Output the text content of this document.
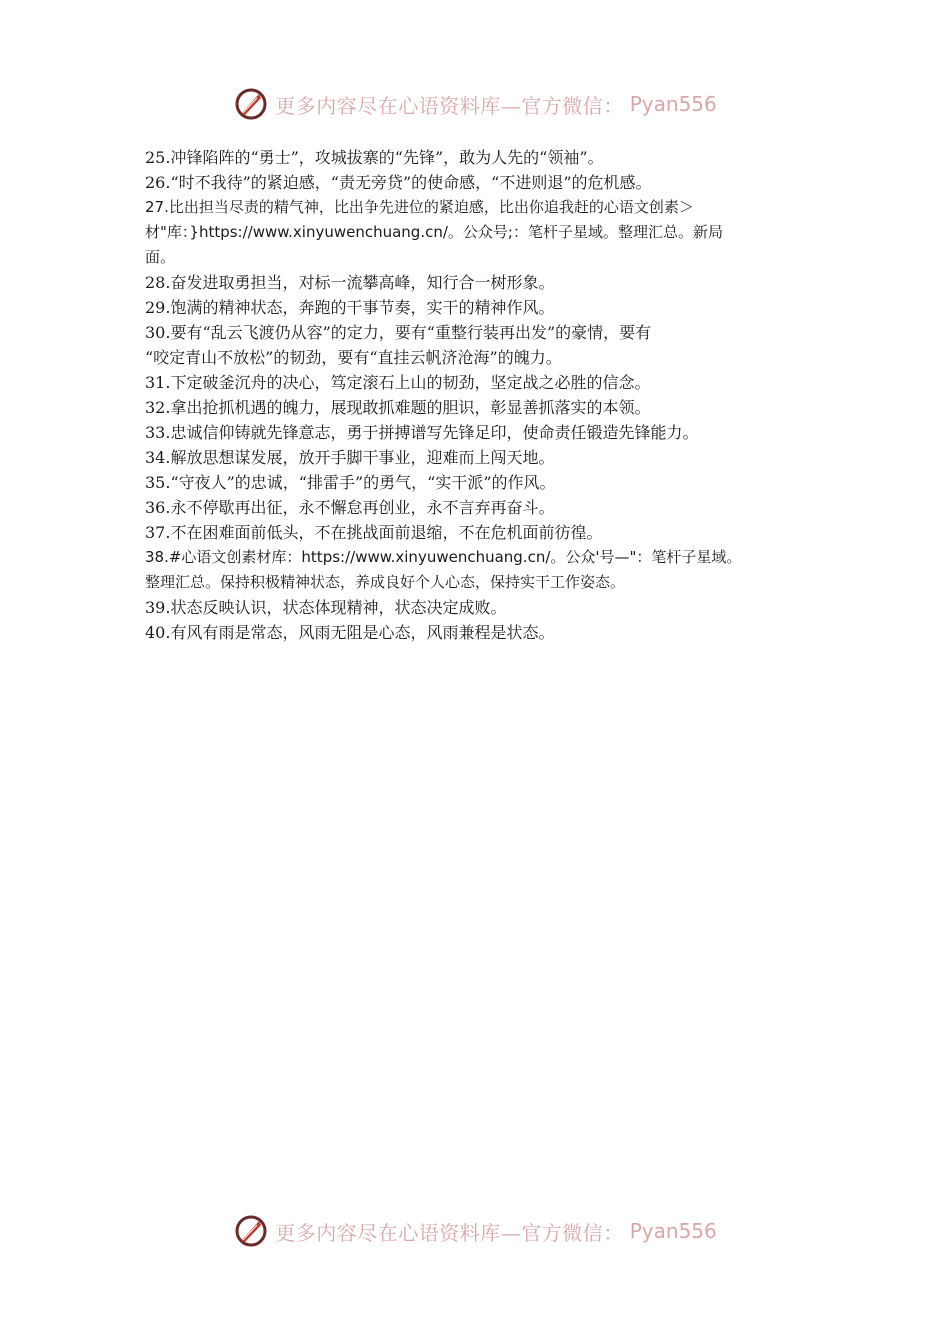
更多内容尽在心语资料库—官方微信： Pyan556
25.冲锋陷阵的“勇士”，攻城拔寨的“先锋”，敢为人先的“领袖”。
26.“时不我待”的紧迫感，“责无旁贷”的使命感，“不进则退”的危机感。
27.比出担当尽责的精气神，比出争先进位的紧迫感，比出你追我赶的心语文创素＞
材"库：}https://www.xinyuwenchuang.cn/。公众号;：笔杆子星域。整理汇总。新局
面。
28.奋发进取勇担当，对标一流攀高峰，知行合一树形象。
29.饱满的精神状态，奔跑的干事节奏，实干的精神作风。
30.要有“乱云飞渡仍从容”的定力，要有“重整行装再出发”的豪情，要有
“咬定青山不放松”的韧劲，要有“直挂云帆济沧海”的魄力。
31.下定破釜沉舟的决心，笃定滚石上山的韧劲，坚定战之必胜的信念。
32.拿出抢抓机遇的魄力，展现敢抓难题的胆识，彰显善抓落实的本领。
33.忠诚信仰铸就先锋意志，勇于拼搏谱写先锋足印，使命责任锻造先锋能力。
34.解放思想谋发展，放开手脚干事业，迎难而上闯天地。
35.“守夜人”的忠诚，“排雷手”的勇气，“实干派”的作风。
36.永不停歇再出征，永不懈怠再创业，永不言弃再奋斗。
37.不在困难面前低头，不在挑战面前退缩，不在危机面前彷徨。
38.#心语文创素材库：https://www.xinyuwenchuang.cn/。公众'号—"：笔杆子星域。
整理汇总。保持积极精神状态，养成良好个人心态，保持实干工作姿态。
39.状态反映认识，状态体现精神，状态决定成败。
40.有风有雨是常态，风雨无阻是心态，风雨兼程是状态。
更多内容尽在心语资料库—官方微信： Pyan556
